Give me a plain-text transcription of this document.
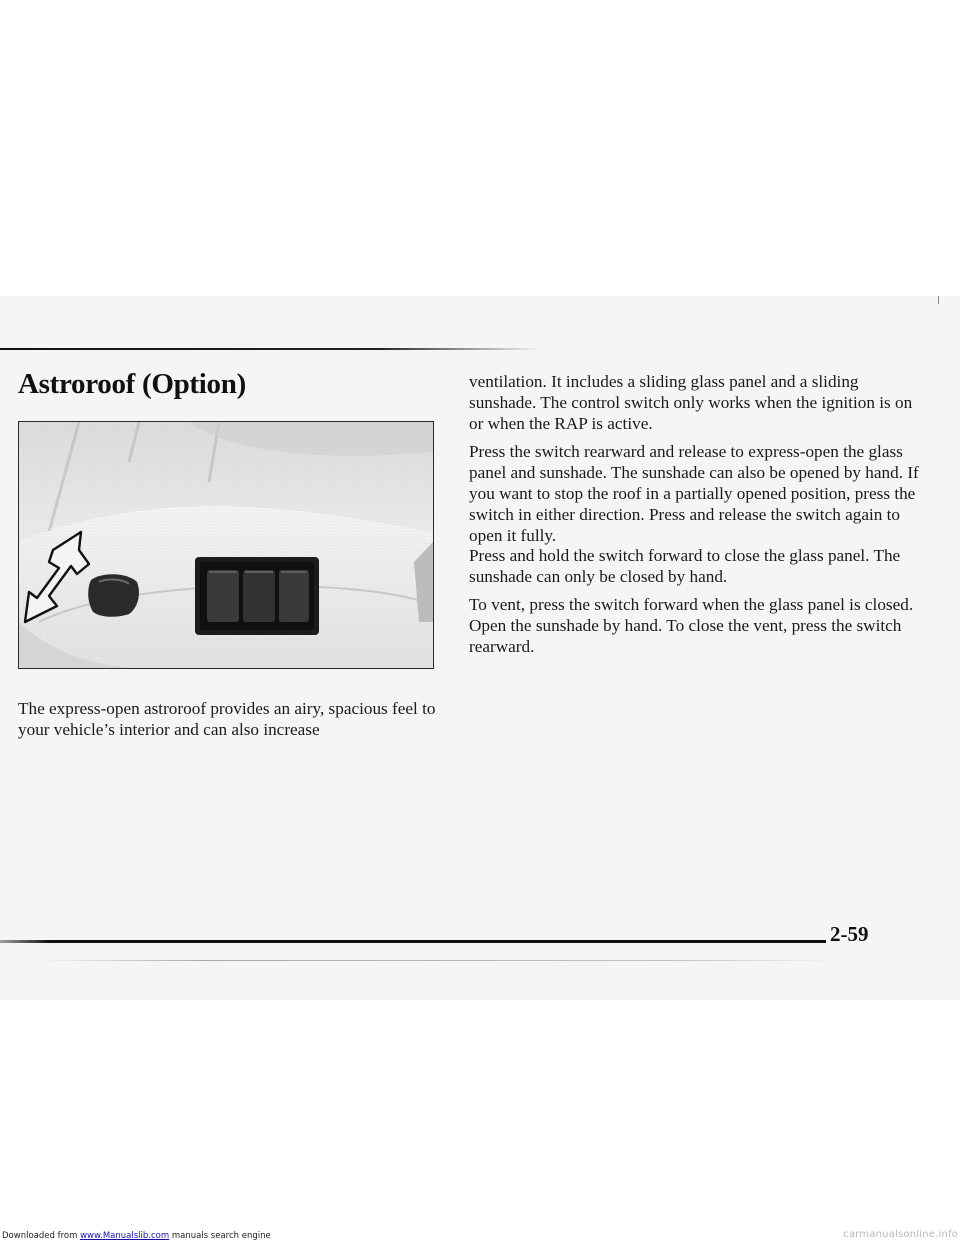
Astroroof (Option)

The express-open astroroof provides an airy, spacious feel to your vehicle’s interior and can also increase

ventilation. It includes a sliding glass panel and a sliding sunshade. The control switch only works when the ignition is on or when the RAP is active.

Press the switch rearward and release to express-open the glass panel and sunshade. The sunshade can also be opened by hand. If you want to stop the roof in a partially opened position, press the switch in either direction. Press and release the switch again to open it fully.

Press and hold the switch forward to close the glass panel. The sunshade can only be closed by hand.

To vent, press the switch forward when the glass panel is closed. Open the sunshade by hand. To close the vent, press the switch rearward.

2-59

Downloaded from www.Manualslib.com manuals search engine	carmanualsonline.info
